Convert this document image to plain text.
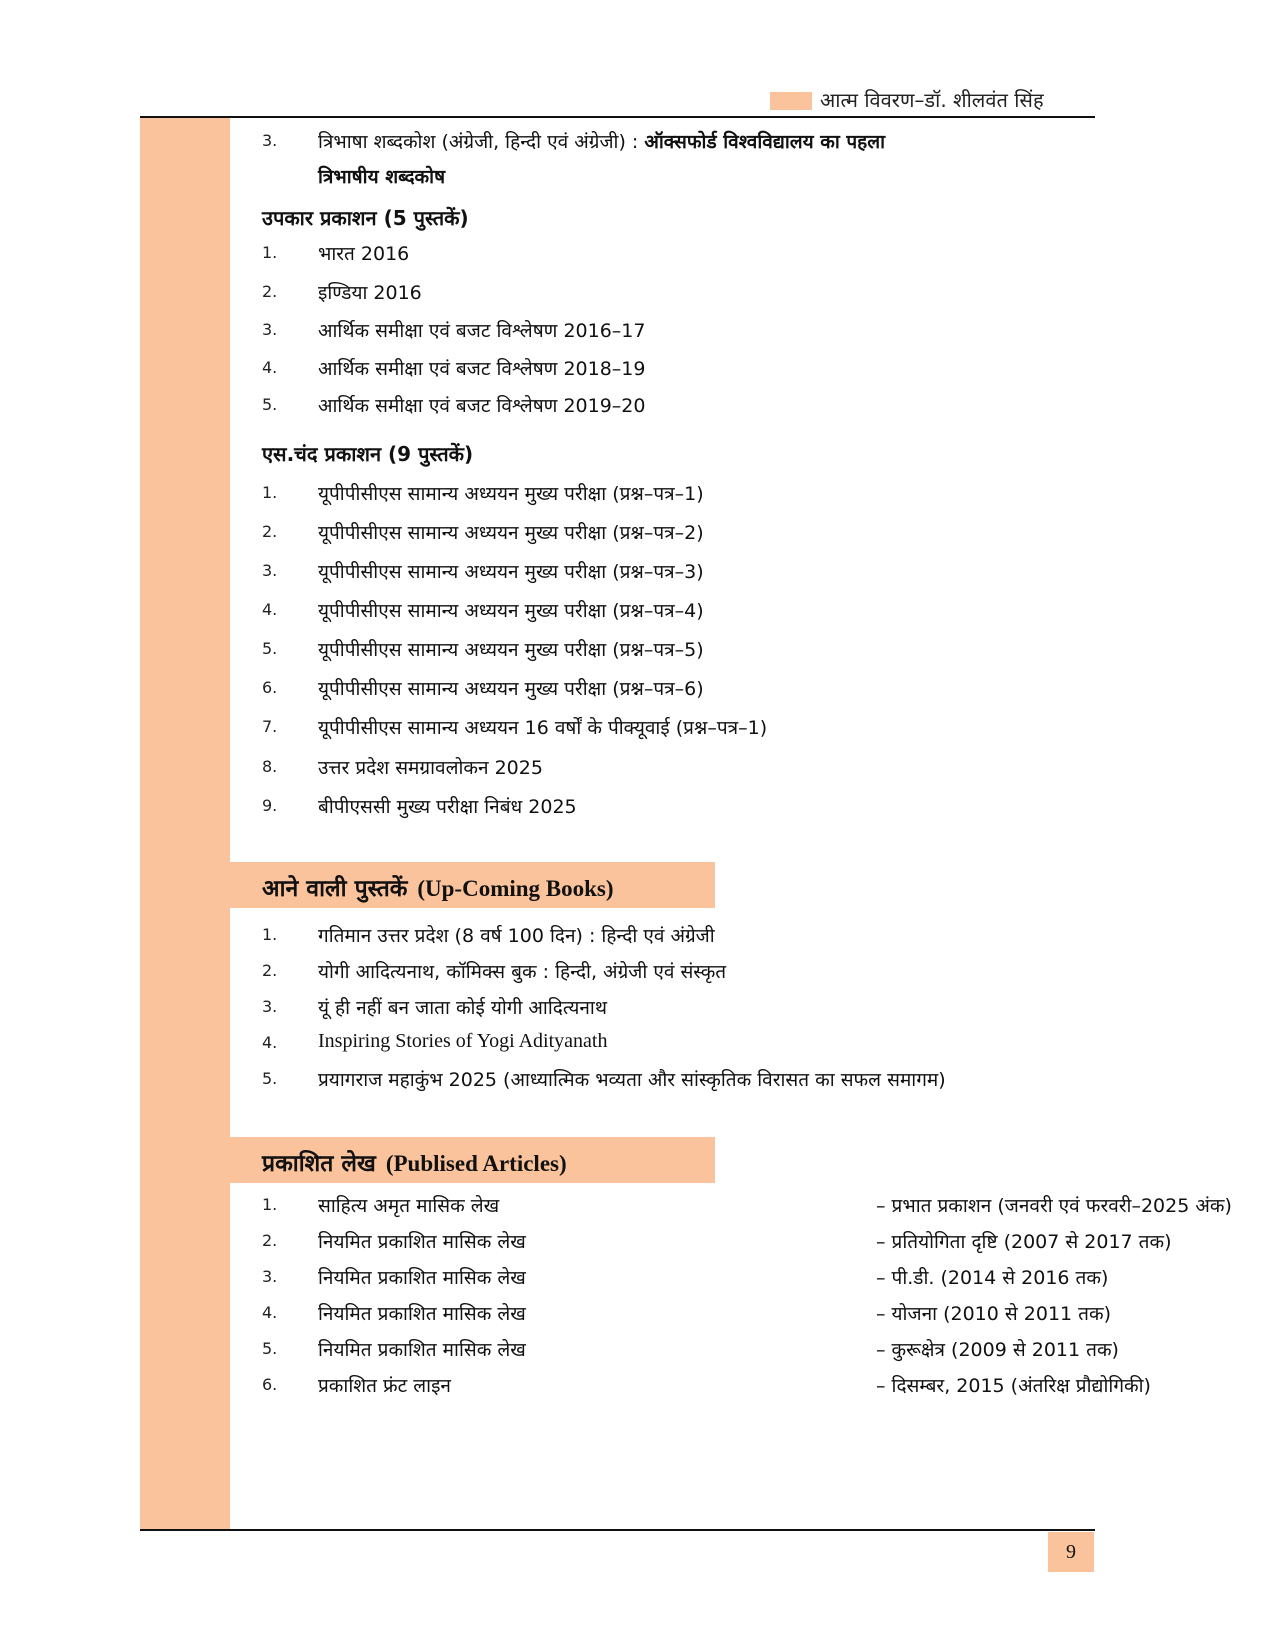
आत्म विवरण–डॉ. शीलवंत सिंह
3. त्रिभाषा शब्दकोश (अंग्रेजी, हिन्दी एवं अंग्रेजी) : ऑक्सफोर्ड विश्वविद्यालय का पहला
त्रिभाषीय शब्दकोष
उपकार प्रकाशन (5 पुस्तकें)
1. भारत 2016
2. इण्डिया 2016
3. आर्थिक समीक्षा एवं बजट विश्लेषण 2016–17
4. आर्थिक समीक्षा एवं बजट विश्लेषण 2018–19
5. आर्थिक समीक्षा एवं बजट विश्लेषण 2019–20
एस.चंद प्रकाशन (9 पुस्तकें)
1. यूपीपीसीएस सामान्य अध्ययन मुख्य परीक्षा (प्रश्न–पत्र–1)
2. यूपीपीसीएस सामान्य अध्ययन मुख्य परीक्षा (प्रश्न–पत्र–2)
3. यूपीपीसीएस सामान्य अध्ययन मुख्य परीक्षा (प्रश्न–पत्र–3)
4. यूपीपीसीएस सामान्य अध्ययन मुख्य परीक्षा (प्रश्न–पत्र–4)
5. यूपीपीसीएस सामान्य अध्ययन मुख्य परीक्षा (प्रश्न–पत्र–5)
6. यूपीपीसीएस सामान्य अध्ययन मुख्य परीक्षा (प्रश्न–पत्र–6)
7. यूपीपीसीएस सामान्य अध्ययन 16 वर्षों के पीक्यूवाई (प्रश्न–पत्र–1)
8. उत्तर प्रदेश समग्रावलोकन 2025
9. बीपीएससी मुख्य परीक्षा निबंध 2025
आने वाली पुस्तकें (Up-Coming Books)
1. गतिमान उत्तर प्रदेश (8 वर्ष 100 दिन) : हिन्दी एवं अंग्रेजी
2. योगी आदित्यनाथ, कॉमिक्स बुक : हिन्दी, अंग्रेजी एवं संस्कृत
3. यूं ही नहीं बन जाता कोई योगी आदित्यनाथ
4. Inspiring Stories of Yogi Adityanath
5. प्रयागराज महाकुंभ 2025 (आध्यात्मिक भव्यता और सांस्कृतिक विरासत का सफल समागम)
प्रकाशित लेख (Publised Articles)
1. साहित्य अमृत मासिक लेख	– प्रभात प्रकाशन (जनवरी एवं फरवरी–2025 अंक)
2. नियमित प्रकाशित मासिक लेख	– प्रतियोगिता दृष्टि (2007 से 2017 तक)
3. नियमित प्रकाशित मासिक लेख	– पी.डी. (2014 से 2016 तक)
4. नियमित प्रकाशित मासिक लेख	– योजना (2010 से 2011 तक)
5. नियमित प्रकाशित मासिक लेख	– कुरूक्षेत्र (2009 से 2011 तक)
6. प्रकाशित फ्रंट लाइन	– दिसम्बर, 2015 (अंतरिक्ष प्रौद्योगिकी)
9
